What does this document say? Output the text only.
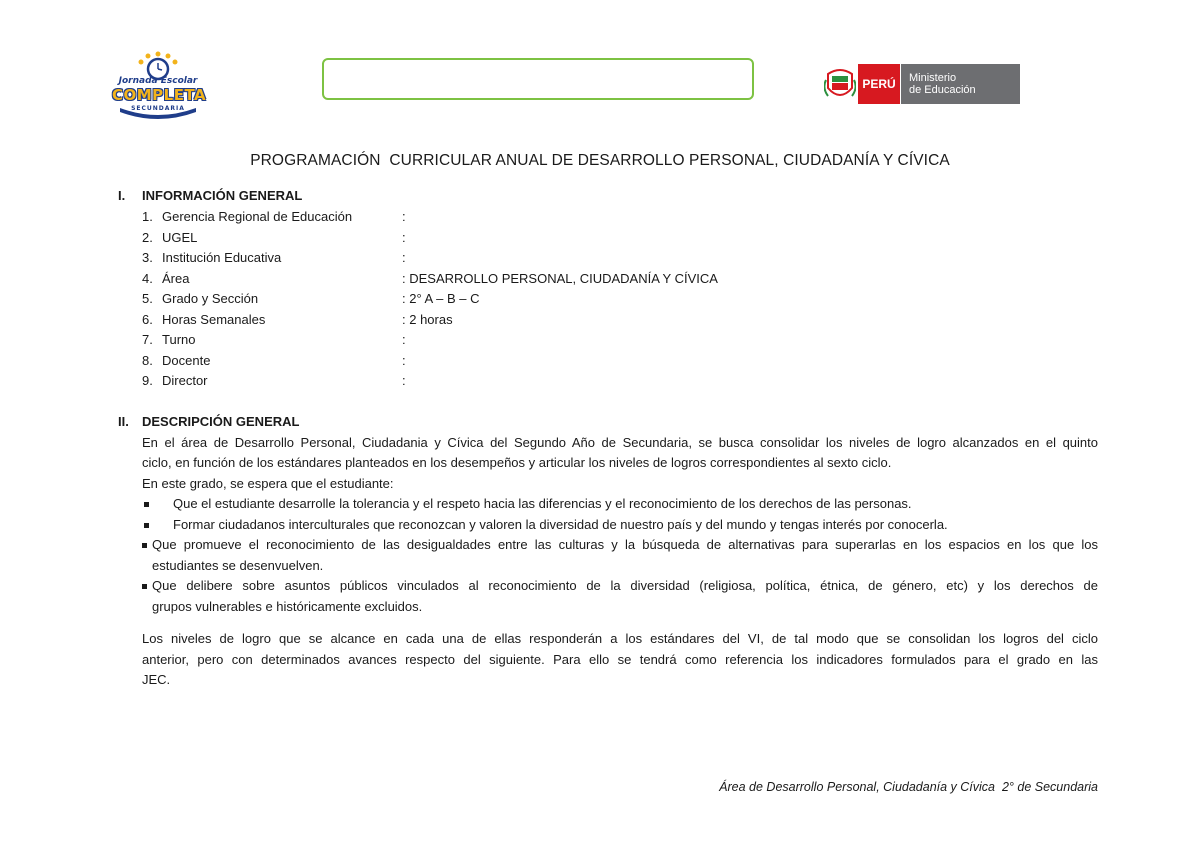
Jornada Escolar
COMPLETA
SECUNDARIA
PERÚ	Ministerio
de Educación
PROGRAMACIÓN  CURRICULAR ANUAL DE DESARROLLO PERSONAL, CIUDADANÍA Y CÍVICA
I. INFORMACIÓN GENERAL
1. Gerencia Regional de Educación	:
2. UGEL	:
3. Institución Educativa	:
4. Área	: DESARROLLO PERSONAL, CIUDADANÍA Y CÍVICA
5. Grado y Sección	: 2° A – B – C
6. Horas Semanales	: 2 horas
7. Turno	:
8. Docente	:
9. Director	:
II. DESCRIPCIÓN GENERAL
En el área de Desarrollo Personal, Ciudadania y Cívica del Segundo Año de Secundaria, se busca consolidar los niveles de logro alcanzados en el quinto
ciclo, en función de los estándares planteados en los desempeños y articular los niveles de logros correspondientes al sexto ciclo.
En este grado, se espera que el estudiante:
Que el estudiante desarrolle la tolerancia y el respeto hacia las diferencias y el reconocimiento de los derechos de las personas.
Formar ciudadanos interculturales que reconozcan y valoren la diversidad de nuestro país y del mundo y tengas interés por conocerla.
Que promueve el reconocimiento de las desigualdades entre las culturas y la búsqueda de alternativas para superarlas en los espacios en los que los
estudiantes se desenvuelven.
Que delibere sobre asuntos públicos vinculados al reconocimiento de la diversidad (religiosa, política, étnica, de género, etc) y los derechos de
grupos vulnerables e históricamente excluidos.
Los niveles de logro que se alcance en cada una de ellas responderán a los estándares del VI, de tal modo que se consolidan los logros del ciclo
anterior, pero con determinados avances respecto del siguiente. Para ello se tendrá como referencia los indicadores formulados para el grado en las
JEC.
Área de Desarrollo Personal, Ciudadanía y Cívica  2° de Secundaria
